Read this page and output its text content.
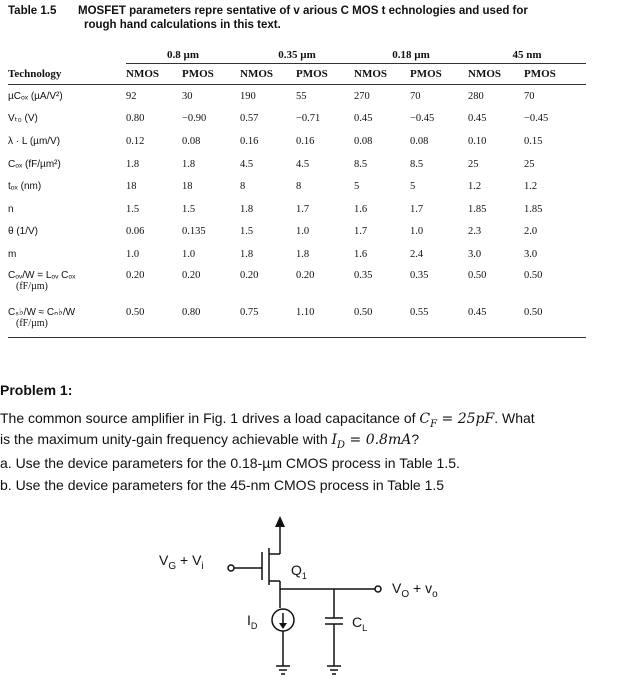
Table 1.5 MOSFET parameters repre sentative of v arious C MOS t echnologies and used for
rough hand calculations in this text.
	0.8 µm		0.35 µm		0.18 µm		45 nm	
Technology	NMOS	PMOS	NMOS	PMOS	NMOS	PMOS	NMOS	PMOS
µCₒₓ (µA/V²)	92	30	190	55	270	70	280	70
Vₜ₀ (V)	0.80	−0.90	0.57	−0.71	0.45	−0.45	0.45	−0.45
λ · L (µm/V)	0.12	0.08	0.16	0.16	0.08	0.08	0.10	0.15
Cₒₓ (fF/µm²)	1.8	1.8	4.5	4.5	8.5	8.5	25	25
tₒₓ (nm)	18	18	8	8	5	5	1.2	1.2
n	1.5	1.5	1.8	1.7	1.6	1.7	1.85	1.85
θ (1/V)	0.06	0.135	1.5	1.0	1.7	1.0	2.3	2.0
m	1.0	1.0	1.8	1.8	1.6	2.4	3.0	3.0
Cₒᵥ/W = Lₒᵥ Cₒₓ
(fF/µm)	0.20	0.20	0.20	0.20	0.35	0.35	0.50	0.50
Cₛ♭/W ≈ Cₙ♭/W
(fF/µm)	0.50	0.80	0.75	1.10	0.50	0.55	0.45	0.50
Problem 1:
The common source amplifier in Fig. 1 drives a load capacitance of $C_F = 25pF$. What
is the maximum unity-gain frequency achievable with $I_D = 0.8mA$?
a. Use the device parameters for the 0.18-µm CMOS process in Table 1.5.
b. Use the device parameters for the 45-nm CMOS process in Table 1.5
$V_G + V_i$	$Q_1$
$V_O + v_o$
$I_D$	$C_L$
